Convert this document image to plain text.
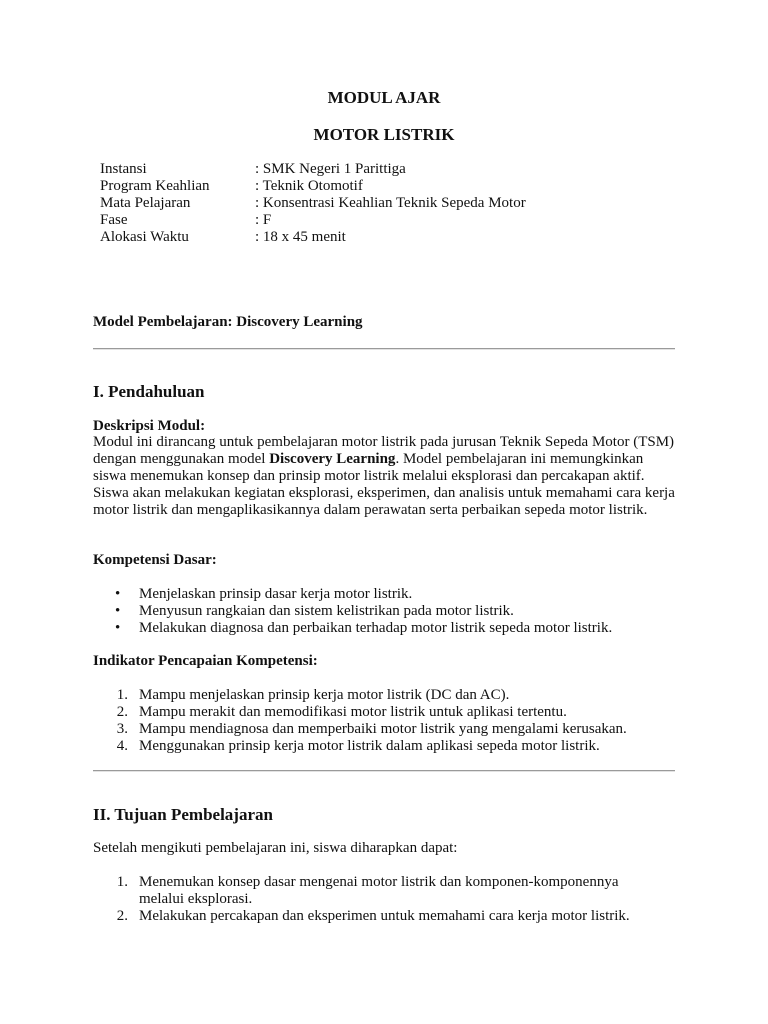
MODUL AJAR
MOTOR LISTRIK
Instansi	: SMK Negeri 1 Parittiga
Program Keahlian	: Teknik Otomotif
Mata Pelajaran	: Konsentrasi Keahlian Teknik Sepeda Motor
Fase	: F
Alokasi Waktu	: 18 x 45 menit
Model Pembelajaran: Discovery Learning
I. Pendahuluan
Deskripsi Modul:
Modul ini dirancang untuk pembelajaran motor listrik pada jurusan Teknik Sepeda Motor (TSM) dengan menggunakan model Discovery Learning. Model pembelajaran ini memungkinkan siswa menemukan konsep dan prinsip motor listrik melalui eksplorasi dan percakapan aktif. Siswa akan melakukan kegiatan eksplorasi, eksperimen, dan analisis untuk memahami cara kerja motor listrik dan mengaplikasikannya dalam perawatan serta perbaikan sepeda motor listrik.
Kompetensi Dasar:
•	Menjelaskan prinsip dasar kerja motor listrik.
•	Menyusun rangkaian dan sistem kelistrikan pada motor listrik.
•	Melakukan diagnosa dan perbaikan terhadap motor listrik sepeda motor listrik.
Indikator Pencapaian Kompetensi:
1. Mampu menjelaskan prinsip kerja motor listrik (DC dan AC).
2. Mampu merakit dan memodifikasi motor listrik untuk aplikasi tertentu.
3. Mampu mendiagnosa dan memperbaiki motor listrik yang mengalami kerusakan.
4. Menggunakan prinsip kerja motor listrik dalam aplikasi sepeda motor listrik.
II. Tujuan Pembelajaran
Setelah mengikuti pembelajaran ini, siswa diharapkan dapat:
1. Menemukan konsep dasar mengenai motor listrik dan komponen-komponennya melalui eksplorasi.
2. Melakukan percakapan dan eksperimen untuk memahami cara kerja motor listrik.
